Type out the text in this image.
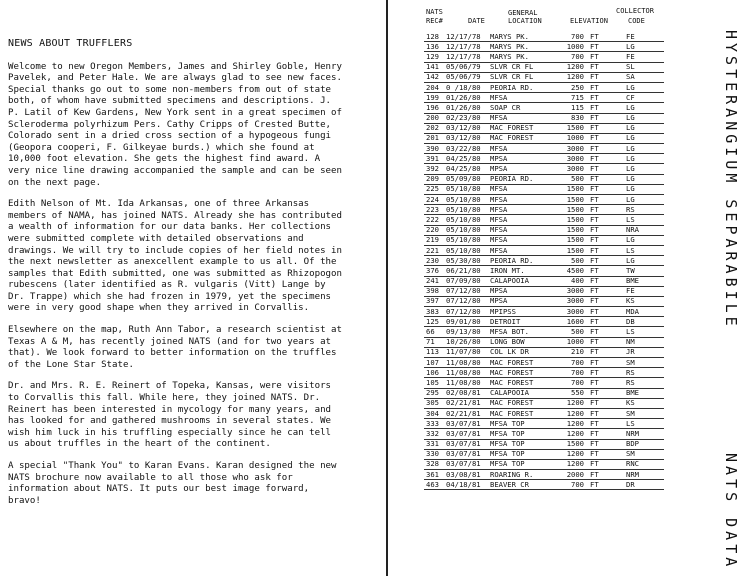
NEWS ABOUT TRUFFLERS

Welcome to new Oregon Members, James and Shirley Goble, Henry Pavelek, and Peter Hale. We are always glad to see new faces.
Special thanks go out to some non-members from out of state both, of whom have submitted specimens and descriptions. J. P. Latil of Kew Gardens, New York sent in a great specimen of Scleroderma polyrhizum Pers. Cathy Cripps of Crested Butte, Colorado sent in a dried cross section of a hypogeous fungi (Geopora cooperi, F. Gilkeyae burds.) which she found at 10,000 foot elevation. She gets the highest find award. A very nice line drawing accompanied the sample and can be seen on the next page.

Edith Nelson of Mt. Ida Arkansas, one of three Arkansas members of NAMA, has joined NATS. Already she has contributed a wealth of information for our data banks. Her collections were submitted complete with detailed observations and drawings. We will try to include copies of her field notes in the next newsletter as anexcellent example to us all. Of the samples that Edith submitted, one was submitted as Rhizopogon rubescens (later identified as R. vulgaris (Vitt) Lange by Dr. Trappe) which she had frozen in 1979, yet the specimens were in very good shape when they arrived in Corvallis.

Elsewhere on the map, Ruth Ann Tabor, a research scientist at Texas A & M, has recently joined NATS (and for two years at that). We look forward to better information on the truffles of the Lone Star State.

Dr. and Mrs. R. E. Reinert of Topeka, Kansas, were visitors to Corvallis this fall. While here, they joined NATS. Dr. Reinert has been interested in mycology for many years, and has looked for and gathered mushrooms in several states. We wish him luck in his truffling especially since he can tell us about truffles in the heart of the continent.

A special "Thank You" to Karan Evans. Karan designed the new NATS brochure now available to all those who ask for information about NATS. It puts our best image forward, bravo!

NATS
REC#	DATE
GENERAL
LOCATION	ELEVATION
COLLECTOR
CODE
128	12/17/78	MARYS PK.	700	FT	FE
136	12/17/78	MARYS PK.	1000	FT	LG
129	12/17/78	MARYS PK.	700	FT	FE
141	05/06/79	SLVR CR FL	1200	FT	SL
142	05/06/79	SLVR CR FL	1200	FT	SA
204	0 /18/80	PEORIA RD.	250	FT	LG
199	01/26/80	MFSA	715	FT	CF
196	01/26/80	SOAP CR	115	FT	LG
200	02/23/80	MFSA	830	FT	LG
202	03/12/80	MAC FOREST	1500	FT	LG
201	03/12/80	MAC FOREST	1000	FT	LG
390	03/22/80	MFSA	3000	FT	LG
391	04/25/80	MPSA	3000	FT	LG
392	04/25/80	MPSA	3000	FT	LG
209	05/09/80	PEORIA RD.	500	FT	LG
225	05/10/80	MFSA	1500	FT	LG
224	05/10/80	MFSA	1500	FT	LG
223	05/10/80	MFSA	1500	FT	RS
222	05/10/80	MFSA	1500	FT	LS
220	05/10/80	MFSA	1500	FT	NRA
219	05/10/80	MFSA	1500	FT	LG
221	05/10/80	MFSA	1500	FT	LS
230	05/30/80	PEORIA RD.	500	FT	LG
376	06/21/80	IRON MT.	4500	FT	TW
241	07/09/80	CALAPOOIA	400	FT	BME
398	07/12/80	MPSA	3000	FT	FE
397	07/12/80	MPSA	3000	FT	KS
383	07/12/80	MPIPSS	3000	FT	MDA
125	09/01/80	DETROIT	1600	FT	DB
66	09/13/80	MFSA BOT.	500	FT	LS
71	10/26/80	LONG BOW	1000	FT	NM
113	11/07/80	COL LK DR	210	FT	JR
107	11/08/80	MAC FOREST	700	FT	SM
106	11/08/80	MAC FOREST	700	FT	RS
105	11/08/80	MAC FOREST	700	FT	RS
295	02/08/81	CALAPOOIA	550	FT	BME
305	02/21/81	MAC FOREST	1200	FT	KS
304	02/21/81	MAC FOREST	1200	FT	SM
333	03/07/81	MFSA TOP	1200	FT	LS
332	03/07/81	MFSA TOP	1200	FT	NRM
331	03/07/81	MFSA TOP	1500	FT	BDP
330	03/07/81	MFSA TOP	1200	FT	SM
328	03/07/81	MFSA TOP	1200	FT	RNC
361	03/08/81	ROARING R.	2000	FT	NRM
463	04/18/81	BEAVER CR	700	FT	DR
HYSTERANGIUM SEPARABILE
NATS DATA
